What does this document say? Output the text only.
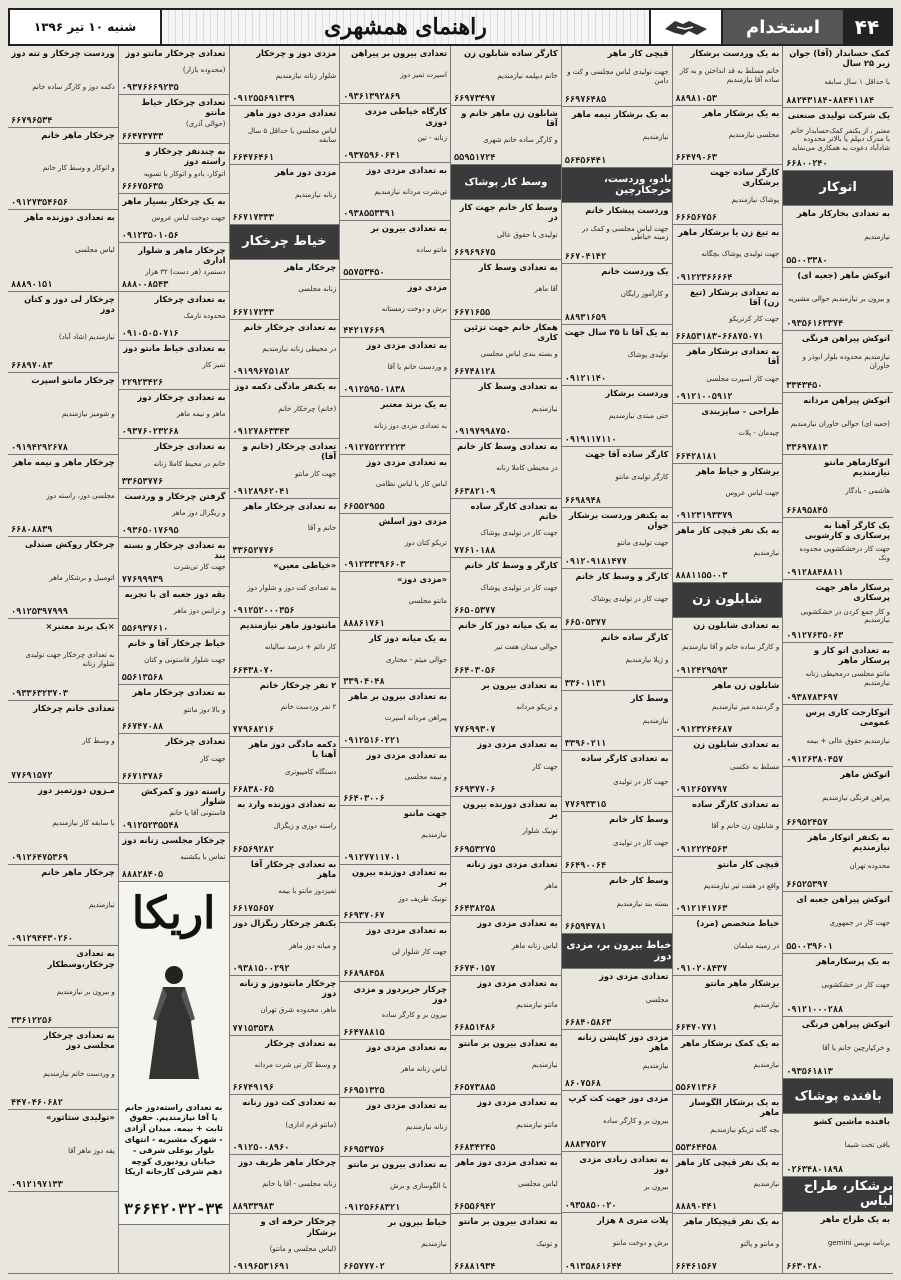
۴۴
استخدام
راهنمای همشهری
شنبه ۱۰ تیر ۱۳۹۶
کمک حسابدار (آقا) جوان زیر ۲۵ سال
با حداقل ۱ سال سابقه
۸۸۲۴۳۱۸۴-۸۸۴۴۱۱۸۴
یک شرکت تولیدی صنعتی
معتبر ، از یکنفر کمک‌حسابدار خانم با مدرک دیپلم یا بالاتر محدوده شادآباد دعوت به همکاری می‌نماید
۶۶۸۰۰۲۴۰
اتوکار
به تعدادی بخارکار ماهر
نیازمندیم
۵۵۰۰۳۳۸۰
اتوکش ماهر (جعبه ای)
و بیرون بر نیازمندیم حوالی مشیریه
۰۹۳۵۶۱۶۳۳۷۴
اتوکش پیراهن فرنگی
نیازمندیم محدوده بلوار ابوذر و خاوران
۳۳۴۳۴۵۰
اتوکش پیراهن مردانه
(جعبه ای) حوالی خاوران نیازمندیم
۳۳۶۹۷۸۱۳
اتوکارماهر مانتو نیازمندیم
هاشمی - یادگار
۶۶۸۹۵۸۴۵
یک کارگر آهنا به پرسکاری و کارشویی
جهت کار درخشکشویی محدوده ونک
۰۹۱۲۸۸۴۸۸۱۱
پرسکار ماهر جهت پرسکاری
و کار جمع کردن در خشکشویی نیازمندیم
۰۹۱۲۷۶۳۵۰۶۳
به تعدادی اتو کار و پرسکار ماهر
مانتو مجلسی درمحیطی زنانه نیازمندیم
۰۹۳۸۷۸۳۶۹۷
اتوکارجت کاری پرس عمومی
نیازمندیم حقوق عالی + بیمه
۰۹۱۲۶۳۸۰۴۵۷
اتوکش ماهر
پیراهن فرنگی نیازمندیم
۶۶۹۵۲۴۵۷
به یکنفر اتوکار ماهر نیازمندیم
محدوده تهران
۶۶۵۲۵۳۹۷
اتوکش پیراهن جعبه ای
جهت کار در جمهوری
۵۵۰۰۳۹۶۰۱
به یک پرسکارماهر
جهت کار در خشکشویی
۰۹۱۲۱۰۰۰۲۸۸
اتوکش پیراهن فرنگی
و خرکپارچین خانم یا آقا
۰۹۳۵۶۱۸۱۳
بافنده پوشاک
بافنده ماشین کشو
بافی تخت شیما
۰۲۶۳۴۸۰۱۸۹۸
برشکار، طراح لباس
به یک طراح ماهر
برنامه نویس gemini
۶۶۳۰۲۸۰
به یک وردست برشکار
خانم مسلط به قد انداختن و به کار ساده آقا نیازمندیم
۸۸۹۸۱۰۵۳
به یک برشکار ماهر
مجلسی نیازمندیم
۶۶۴۷۹۰۶۳
کارگر ساده جهت برشکاری
پوشاک نیازمندیم
۶۶۶۵۶۷۵۶
به تیغ زن یا برشکار ماهر
جهت تولیدی پوشاک بچگانه
۰۹۱۲۲۳۶۶۶۶۴
به تعدادی برشکار (تیغ زن) آقا
جهت کار کرتریکو
۶۶۸۵۳۱۸۳-۶۶۸۷۵۰۷۱
به تعدادی برشکار ماهر آقا
جهت کار اسپرت مجلسی
۰۹۱۲۱۰۰۵۹۱۲
طراحی - سایزبندی
چیدمان - پلات
۶۶۴۲۸۱۸۱
برشکار و خیاط ماهر
جهت لباس عروس
۰۹۱۲۳۱۹۳۳۷۹
به یک نفر قیچی کار ماهر
نیازمندیم
۸۸۸۱۱۵۵۰۰۳
شابلون زن
به تعدادی شابلون زن
و کارگر ساده خانم و آقا نیازمندیم
۰۹۱۲۴۲۹۵۹۳
شابلون زن ماهر
و گردننده میز نیازمندیم
۰۹۱۲۳۲۶۴۶۸۷
به تعدادی شابلون زن
مسلط به عکسی
۰۹۱۲۶۵۷۷۹۷
به تعدادی کارگر ساده
و شابلون زن خانم و آقا
۰۹۱۲۲۲۴۵۶۳
قیچی کار مانتو
واقع در هفت تیر نیازمندیم
۰۹۱۲۱۴۱۷۶۳
خیاط متخصص (مرد)
در زمینه مبلمان
۰۹۱۰۲۰۸۴۳۷
برشکار ماهر مانتو
نیازمندیم
۶۶۴۷۰۷۷۱
به یک کمک برشکار ماهر
نیازمندیم
۵۵۶۷۱۳۶۶
به یک برشکار الگوساز ماهر
بچه گانه تریکو نیازمندیم
۵۵۳۶۴۴۵۸
به یک نفر قیچی کار ماهر
نیازمندیم
۸۸۸۹۰۴۴۱
به یک نفر قیچیکار ماهر
و مانتو و پالتو
۶۶۴۶۱۵۶۷
قیچی کار ماهر
جهت تولیدی لباس مجلسی و کت و دامن
۶۶۹۷۶۴۸۵
به یک برشکار نیمه ماهر
نیازمندیم
۵۶۴۵۶۴۴۱
بادو، وردست، خرجکارچین
وردست پیشکار خانم
جهت لباس مجلسی و کمک در زمینه خیاطی
۶۶۷۰۴۱۴۲
یک وردست خانم
و کارآموز رایگان
۸۸۹۳۱۶۵۹
به یک آقا تا ۳۵ سال جهت
تولیدی پوشاک
۰۹۱۲۱۱۴۰
وردست برشکار
حتی مبتدی نیازمندیم
۰۹۱۹۱۱۷۱۱۰
کارگر ساده آقا جهت
کارگر تولیدی مانتو
۶۶۹۸۹۴۸
به یکنفر وردست برشکار جوان
جهت تولیدی مانتو
۰۹۱۲۰۹۱۸۱۴۷۷
کارگر و وسط کار خانم
جهت کار در تولیدی پوشاک
۶۶۵۰۵۳۷۷
کارگر ساده خانم
و ژیلا نیازمندیم
۳۳۶۰۱۱۳۱
وسط کار
نیازمندیم
۳۳۹۶۰۲۱۱
به تعدادی کارگر ساده
جهت کار در تولیدی
۷۷۶۹۳۳۱۵
وسط کار خانم
جهت کار در تولیدی
۶۶۴۹۰۰۶۴
وسط کار خانم
بسته بند نیازمندیم
۶۶۵۹۴۷۸۱
خیاط بیرون بر، مزدی دوز
تعدادی مزدی دوز
مجلسی
۶۶۸۴۰۵۸۶۳
مزدی دوز کاپشن زنانه ماهر
نیازمندیم
۸۶۰۷۵۶۸
مزدی دوز جهت کت کرپ
بیرون بر و کارگر ساده
۸۸۸۳۷۵۲۷
به تعدادی زیادی مزدی دوز
بیرون بر
۰۹۳۵۸۵۰۰۲۰
پلات متری ۸ هزار
برش و دوخت مانتو
۰۹۱۳۵۸۶۱۶۴۴
کارگر ساده شابلون زن
خانم دیپلمه نیازمندیم
۶۶۹۷۳۴۹۷
شابلون زن ماهر خانم و آقا
و کارگر ساده خانم شهری
۵۵۹۵۱۷۲۴
وسط کار پوشاک
وسط کار خانم جهت کار در
تولیدی با حقوق عالی
۶۶۹۶۹۶۷۵
به تعدادی وسط کار
آقا ماهر
۶۶۷۱۶۵۵
همکار خانم جهت تزئین کاری
و بسته بندی لباس مجلسی
۶۶۷۴۸۱۲۸
به تعدادی وسط کار
نیازمندیم
۰۹۱۹۷۹۹۸۷۵۰
به تعدادی وسط کار خانم
در محیطی کاملا زنانه
۶۶۳۸۲۱۰۹
به تعدادی کارگر ساده خانم
جهت کار در تولیدی پوشاک
۷۷۶۱۰۱۸۸
کارگر و وسط کار خانم
جهت کار در تولیدی پوشاک
۶۶۵۰۵۳۷۷
به یک میانه دوز کار خانم
حوالی میدان هفت تیر
۶۶۴۰۳۰۵۶
به تعدادی بیرون بر
و تریکو مردانه
۷۷۶۹۹۳۰۷
به تعدادی مزدی دوز
جهت کار
۶۶۹۳۷۷۰۶
به تعدادی دوزنده بیرون بر
تونیک شلوار
۶۶۹۵۳۲۷۵
تعدادی مزدی دوز زنانه
ماهر
۶۶۴۳۸۲۵۸
به تعدادی مزدی دوز
لباس زنانه ماهر
۶۶۷۴۰۱۵۷
به تعدادی مزدی دوز
مانتو نیازمندیم
۶۶۸۵۱۴۸۶
به تعدادی بیرون بر مانتو
نیازمندیم
۶۶۵۷۳۸۸۵
به تعدادی مزدی دوز
مانتو نیازمندیم
۶۶۸۳۴۲۴۵
به تعدادی مزدی دوز ماهر
لباس مجلسی
۶۶۵۵۶۹۴۲
به تعدادی بیرون بر مانتو
و تونیک
۶۶۸۸۱۹۳۴
تعدادی بیرون بر پیراهن
اسپرت تمیز دوز
۰۹۳۶۱۳۹۲۸۶۹
کارگاه خیاطی مزدی دوزی
زنانه - تین
۰۹۳۷۵۹۶۰۶۴۱
به تعدادی مزدی دوز
تی‌شرت مردانه نیازمندیم
۰۹۳۸۵۵۳۳۹۱
به تعدادی بیرون بر
مانتو ساده
۵۵۷۵۳۴۵۰
مزدی دوز
برش و دوخت زمستانه
۴۴۲۱۷۶۶۹
به تعدادی مزدی دوز
و وردست خانم یا آقا
۰۹۱۲۵۹۵۰۱۸۳۸
به یک برند معتبر
به تعدادی مزدی دوز زنانه
۰۹۱۲۷۵۲۲۲۲۲۳
به تعدادی مزدی دوز
لباس کار یا لباس نظامی
۶۶۵۵۲۹۵۵
مزدی دوز اسلش
تریکو کتان دوز
۰۹۱۲۳۳۳۹۶۶۰۳
«مزدی دوز»
مانتو مجلسی
۸۸۸۶۱۷۶۱
به یک میانه دوز کار
حوالی میثم - مختاری
۳۳۹۰۴۰۴۸
به تعدادی بیرون بر ماهر
پیراهن مردانه اسپرت
۰۹۱۲۵۱۶۰۲۲۱
به تعدادی مزدی دوز
و نیمه مجلسی
۶۶۴۰۳۰۰۶
جهت مانتو
نیازمندیم
۰۹۱۲۷۷۱۱۷۰۱
به تعدادی دوزنده بیرون بر
تونیک ظریف دوز
۶۶۹۳۷۰۶۷
به تعدادی مزدی دوز
جهت کار شلوار لی
۶۶۸۹۸۴۵۸
چرکار جریردوز و مزدی دوز
بیرون بر و کارگر ساده
۶۶۴۷۸۸۱۵
به تعدادی مزدی دوز
لباس زنانه ماهر
۶۶۹۵۱۳۲۵
به تعدادی مزدی دوز
زنانه نیازمندیم
۶۶۹۵۳۷۵۶
به تعدادی بیرون بر مانتو
با الگوسازی و برش
۰۹۱۲۵۶۶۸۳۲۱
خیاط بیرون بر
نیازمندیم
۶۶۵۷۷۷۰۲
مزدی دوز و چرخکار
شلوار زنانه نیازمندیم
۰۹۱۲۵۵۶۹۱۳۳۹
تعدادی مزدی دوز ماهر
لباس مجلسی با حداقل ۵ سال سابقه
۶۶۴۷۶۴۶۱
مزدی دوز ماهر
زنانه نیازمندیم
۶۶۷۱۷۳۳۳
خیاط چرخکار
چرخکار ماهر
زنانه مجلسی
۶۶۷۱۷۲۳۳
به تعدادی چرخکار خانم
در محیطی زنانه نیازمندیم
۰۹۱۹۹۶۷۵۱۸۲
به یکنفر مادگی دکمه دوز
(خانم) چرخکار خانم
۰۹۱۲۷۸۶۳۳۴۳
تعدادی چرخکار (خانم و آقا)
جهت کار مانتو
۰۹۱۲۸۹۶۲۰۴۱
به تعدادی چرخکار ماهر
خانم و آقا
۳۳۶۵۲۷۷۶
«خیاطی معین»
به تعدادی کت دوز و شلوار دوز
۰۹۱۲۵۲۰۰۰۳۵۶
مانتودوز ماهر نیازمندیم
کار دائم + درصد سالیانه
۶۶۴۳۸۰۷۰
۲ نفر چرخکار خانم
۲ نفر وردست خانم
۷۷۹۶۸۲۱۶
دکمه مادگی دوز ماهر آهنا با
دستگاه کامپیوتری
۶۶۸۳۸۰۶۵
به تعدادی دوزنده وارد به
راسته دوزی و زیگزال
۶۶۵۶۹۲۸۲
به تعدادی چرخکار آقا ماهر
تمیزدوز مانتو با بیمه
۶۶۱۷۵۶۵۷
یکنفر چرخکار زیگزال دوز
و میانه دوز ماهر
۰۹۳۸۱۵۰۰۲۹۲
چرخکار مانتودوز و زنانه دوز
ماهر، محدوده شرق تهران
۷۷۱۵۳۵۳۸
به تعدادی چرخکار
و وسط کار تی شرت مردانه
۶۶۷۴۹۱۹۶
به تعدادی کت دوز زنانه
(مانتو فرم اداری)
۰۹۱۲۵۰۰۸۹۶۰
چرخکار ماهر ظریف دوز
زنانه مجلسی - آقا یا خانم
۸۸۹۳۳۹۸۳
چرخکار حرفه ای و برشکار
(لباس مجلسی و مانتو)
۰۹۱۹۶۵۳۱۶۹۱
تعدادی چرخکار مانتو دوز
(محدوده بازار)
۰۹۳۷۶۶۶۹۲۳۵
تعدادی چرخکار خیاط مانتو
(حوالی آذری)
۶۶۴۷۳۷۳۳
به چندنفر چرخکار و راسته دوز
اتوکار، بادو و اتوکار با تسویه
۶۶۶۷۵۶۳۵
به یک چرخکار بسیار ماهر
جهت دوخت لباس عروس
۰۹۱۲۳۵۰۱۰۵۶
چرخکار ماهر و شلوار اداری
دستمزد (هر دست) ۳۲ هزار
۸۸۸۰۰۸۵۴۳
به تعدادی چرخکار
محدوده نارمک
۰۹۱۰۵۰۵۰۷۱۶
به تعدادی خیاط مانتو دوز
تمیز کار
۲۲۹۲۳۴۲۶
به تعدادی چرخکار دوز
ماهر و نیمه ماهر
۰۹۳۷۶۰۲۳۲۶۸
به تعدادی چرخکار
خانم در محیط کاملا زنانه
۳۳۶۵۳۷۷۶
گرفتن چرخکار و وردست
و زیگزال دوز ماهر
۰۹۳۶۵۰۱۷۶۹۵
به تعدادی چرخکار و بسته بند
جهت کار تی‌شرت
۷۷۶۹۹۹۳۹
یقه دوز جعبه ای با تجربه
و ترانس دوز ماهر
۵۵۶۹۳۷۶۱۰
خیاط چرخکار آقا و خانم
جهت شلوار فاستونی و کتان
۵۵۶۱۳۵۶۸
به تعدادی چرخکار ماهر
و بالا دوز مانتو
۶۶۷۴۷۰۸۸
تعدادی چرخکار
جهت کار
۶۶۷۱۳۷۸۶
راسته دوز و کمرکش شلوار
فاستونی آقا یا خانم
۰۹۱۲۵۲۳۵۵۴۸
چرخکار مجلسی زنانه دوز
تماس با یکشنبه
۸۸۸۲۸۴۰۵
اریکا
به تعدادی راسته‌دوز خانم یا آقا نیازمندیم. حقوق ثابت + بیمه. میدان آزادی - شهرک مشیریه - انتهای بلوار بوعلی شرقی - خیابان رودیوری کوچه دهم شرقی کارخانه اریکا
۳۶۶۴۲۰۳۲-۳۴
وردست چرخکار و تنه دوز
دکمه دوز و کارگر ساده خانم
۶۶۷۹۶۵۳۴
چرخکار ماهر خانم
و اتوکار و وسط کار خانم
۰۹۱۲۷۳۵۴۶۵۶
به تعدادی دوزنده ماهر
لباس مجلسی
۸۸۸۹۰۱۵۱
چرخکار لی دوز و کتان دوز
نیازمندیم (شاد آباد)
۶۶۸۹۷۰۸۳
چرخکار مانتو اسپرت
و شومیز نیازمندیم
۰۹۱۹۴۲۹۲۶۷۸
چرخکار ماهر و نیمه ماهر
مجلسی دوز، راسته دوز
۶۶۸۰۸۸۳۹
چرخکار روکش صندلی
اتومبیل و برشکار ماهر
۰۹۱۲۵۳۹۷۹۹۹
×یک برند معتبر×
به تعدادی چرخکار جهت تولیدی شلوار زنانه
۰۹۳۳۶۳۲۳۷۰۳
تعدادی خانم چرخکار
و وسط کار
۷۷۶۹۱۵۷۲
مـزون دوزتمیز دوز
با سابقه کار نیازمندیم
۰۹۱۲۶۴۷۵۳۶۹
چرخکار ماهر خانم
نیازمندیم
۰۹۱۲۹۴۴۳۰۲۶۰
به تعدادی چرخکار،وسطکار
و بیرون بر نیازمندیم
۳۳۶۱۲۲۵۶
به تعدادی چرخکار مجلسی دوز
و وردست خانم نیازمندیم
۴۴۷۰۴۶۰۶۸۲
«تولیدی ستاتور»
یقه دوز ماهر آقا
۰۹۱۲۱۹۷۱۳۳
